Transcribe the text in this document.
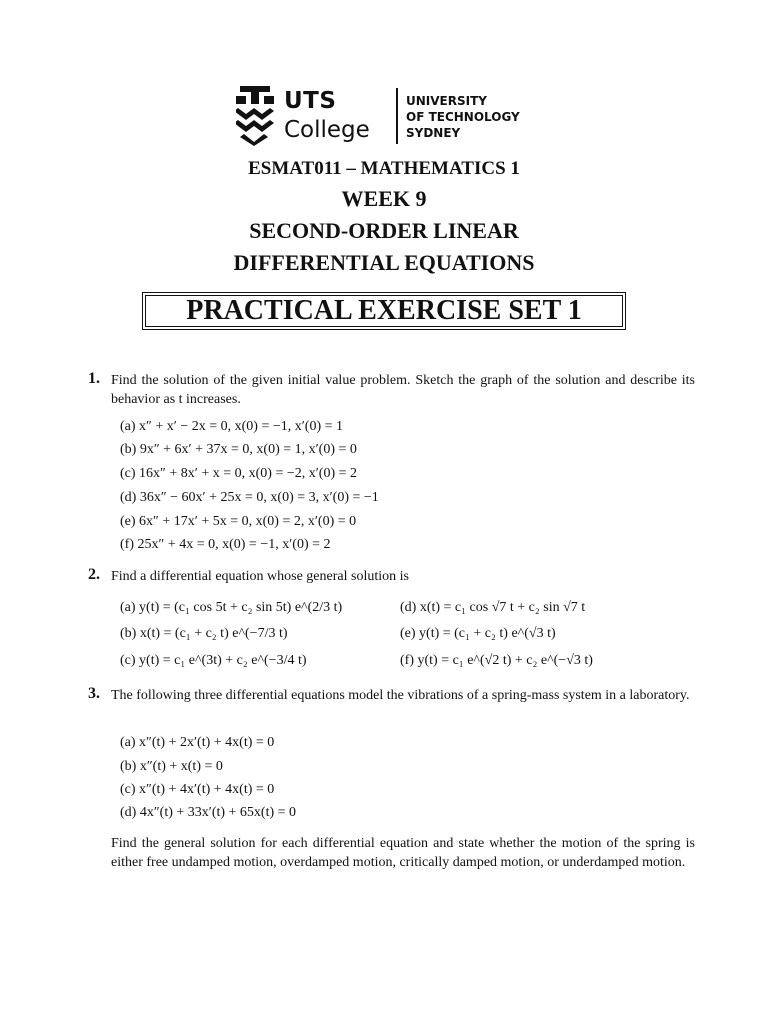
UTS
College
UNIVERSITY
OF TECHNOLOGY
SYDNEY
ESMAT011 – MATHEMATICS 1
WEEK 9
SECOND-ORDER LINEAR
DIFFERENTIAL EQUATIONS
PRACTICAL EXERCISE SET 1
1. Find the solution of the given initial value problem. Sketch the graph of the solution and describe its behavior as t increases.
(a) x″ + x′ − 2x = 0, x(0) = −1, x′(0) = 1
(b) 9x″ + 6x′ + 37x = 0, x(0) = 1, x′(0) = 0
(c) 16x″ + 8x′ + x = 0, x(0) = −2, x′(0) = 2
(d) 36x″ − 60x′ + 25x = 0, x(0) = 3, x′(0) = −1
(e) 6x″ + 17x′ + 5x = 0, x(0) = 2, x′(0) = 0
(f) 25x″ + 4x = 0, x(0) = −1, x′(0) = 2
2. Find a differential equation whose general solution is
(a) y(t) = (c₁ cos 5t + c₂ sin 5t) e^(2/3 t)
(b) x(t) = (c₁ + c₂ t) e^(−7/3 t)
(c) y(t) = c₁ e^(3t) + c₂ e^(−3/4 t)
(d) x(t) = c₁ cos √7 t + c₂ sin √7 t
(e) y(t) = (c₁ + c₂ t) e^(√3 t)
(f) y(t) = c₁ e^(√2 t) + c₂ e^(−√3 t)
3. The following three differential equations model the vibrations of a spring-mass system in a laboratory.
(a) x″(t) + 2x′(t) + 4x(t) = 0
(b) x″(t) + x(t) = 0
(c) x″(t) + 4x′(t) + 4x(t) = 0
(d) 4x″(t) + 33x′(t) + 65x(t) = 0
Find the general solution for each differential equation and state whether the motion of the spring is either free undamped motion, overdamped motion, critically damped motion, or underdamped motion.
